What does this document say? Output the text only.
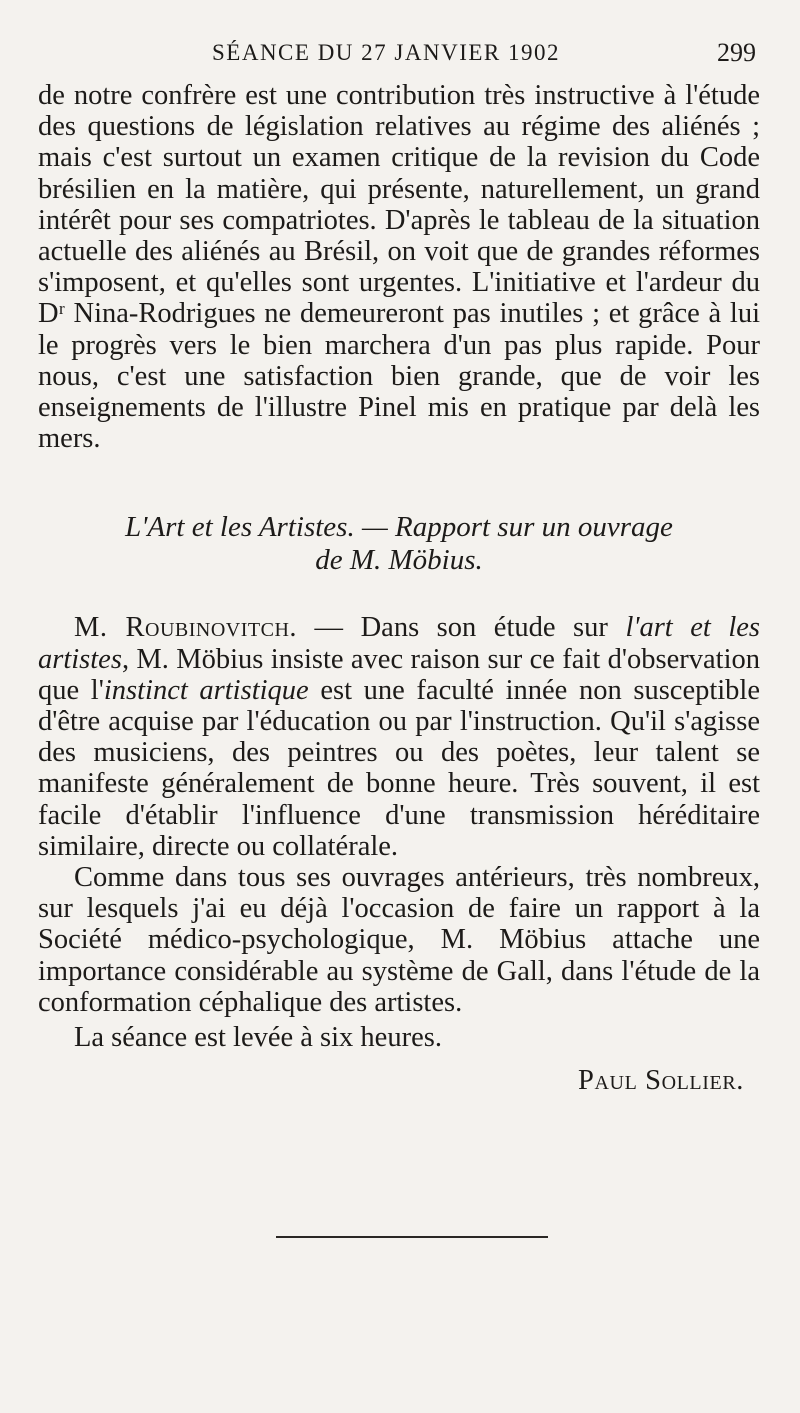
SÉANCE DU 27 JANVIER 1902	299

de notre confrère est une contribution très instructive à l'étude des questions de législation relatives au régime des aliénés ; mais c'est surtout un examen critique de la revision du Code brésilien en la matière, qui présente, naturellement, un grand intérêt pour ses compatriotes. D'après le tableau de la situation actuelle des aliénés au Brésil, on voit que de grandes réformes s'imposent, et qu'elles sont urgentes. L'initiative et l'ardeur du Dʳ Nina-Rodrigues ne demeureront pas inutiles ; et grâce à lui le progrès vers le bien marchera d'un pas plus rapide. Pour nous, c'est une satisfaction bien grande, que de voir les enseignements de l'illustre Pinel mis en pratique par delà les mers.

L'Art et les Artistes. — Rapport sur un ouvrage
de M. Möbius.

M. Roubinovitch. — Dans son étude sur l'art et les artistes, M. Möbius insiste avec raison sur ce fait d'observation que l'instinct artistique est une faculté innée non susceptible d'être acquise par l'éducation ou par l'instruction. Qu'il s'agisse des musiciens, des peintres ou des poètes, leur talent se manifeste généralement de bonne heure. Très souvent, il est facile d'établir l'influence d'une transmission héréditaire similaire, directe ou collatérale.

Comme dans tous ses ouvrages antérieurs, très nombreux, sur lesquels j'ai eu déjà l'occasion de faire un rapport à la Société médico-psychologique, M. Möbius attache une importance considérable au système de Gall, dans l'étude de la conformation céphalique des artistes.

La séance est levée à six heures.

Paul Sollier.
